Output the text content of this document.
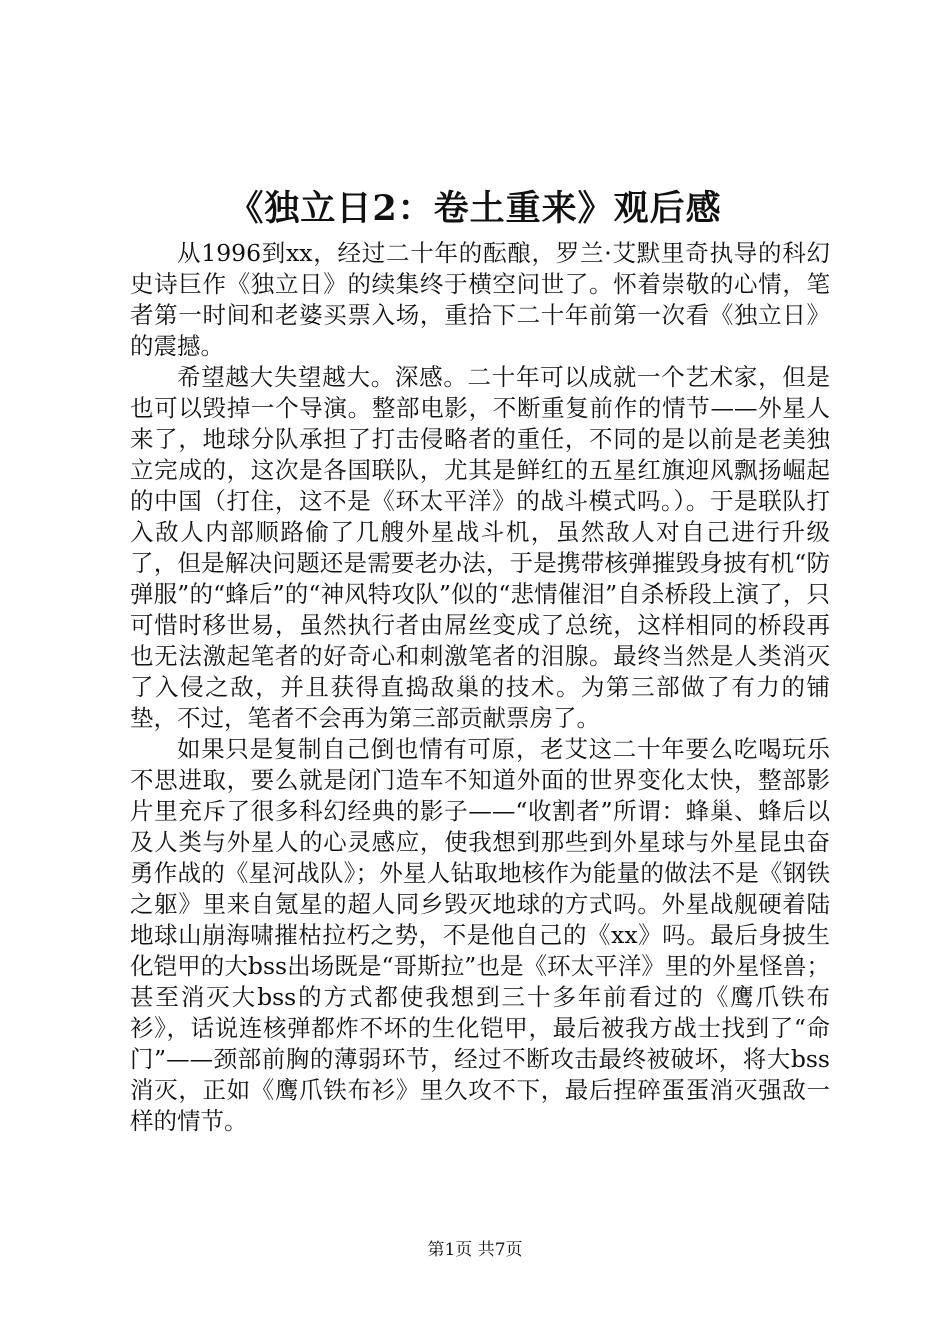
《独立日2：卷土重来》观后感

从1996到xx，经过二十年的酝酿，罗兰·艾默里奇执导的科幻史诗巨作《独立日》的续集终于横空问世了。怀着崇敬的心情，笔者第一时间和老婆买票入场，重拾下二十年前第一次看《独立日》的震撼。

希望越大失望越大。深感。二十年可以成就一个艺术家，但是也可以毁掉一个导演。整部电影，不断重复前作的情节——外星人来了，地球分队承担了打击侵略者的重任，不同的是以前是老美独立完成的，这次是各国联队，尤其是鲜红的五星红旗迎风飘扬崛起的中国（打住，这不是《环太平洋》的战斗模式吗。）。于是联队打入敌人内部顺路偷了几艘外星战斗机，虽然敌人对自己进行升级了，但是解决问题还是需要老办法，于是携带核弹摧毁身披有机“防弹服”的“蜂后”的“神风特攻队”似的“悲情催泪”自杀桥段上演了，只可惜时移世易，虽然执行者由屌丝变成了总统，这样相同的桥段再也无法激起笔者的好奇心和刺激笔者的泪腺。最终当然是人类消灭了入侵之敌，并且获得直捣敌巢的技术。为第三部做了有力的铺垫，不过，笔者不会再为第三部贡献票房了。

如果只是复制自己倒也情有可原，老艾这二十年要么吃喝玩乐不思进取，要么就是闭门造车不知道外面的世界变化太快，整部影片里充斥了很多科幻经典的影子——“收割者”所谓：蜂巢、蜂后以及人类与外星人的心灵感应，使我想到那些到外星球与外星昆虫奋勇作战的《星河战队》；外星人钻取地核作为能量的做法不是《钢铁之躯》里来自氪星的超人同乡毁灭地球的方式吗。外星战舰硬着陆地球山崩海啸摧枯拉朽之势，不是他自己的《xx》吗。最后身披生化铠甲的大bss出场既是“哥斯拉”也是《环太平洋》里的外星怪兽；甚至消灭大bss的方式都使我想到三十多年前看过的《鹰爪铁布衫》，话说连核弹都炸不坏的生化铠甲，最后被我方战士找到了“命门”——颈部前胸的薄弱环节，经过不断攻击最终被破坏，将大bss消灭，正如《鹰爪铁布衫》里久攻不下，最后捏碎蛋蛋消灭强敌一样的情节。

第1页 共7页
